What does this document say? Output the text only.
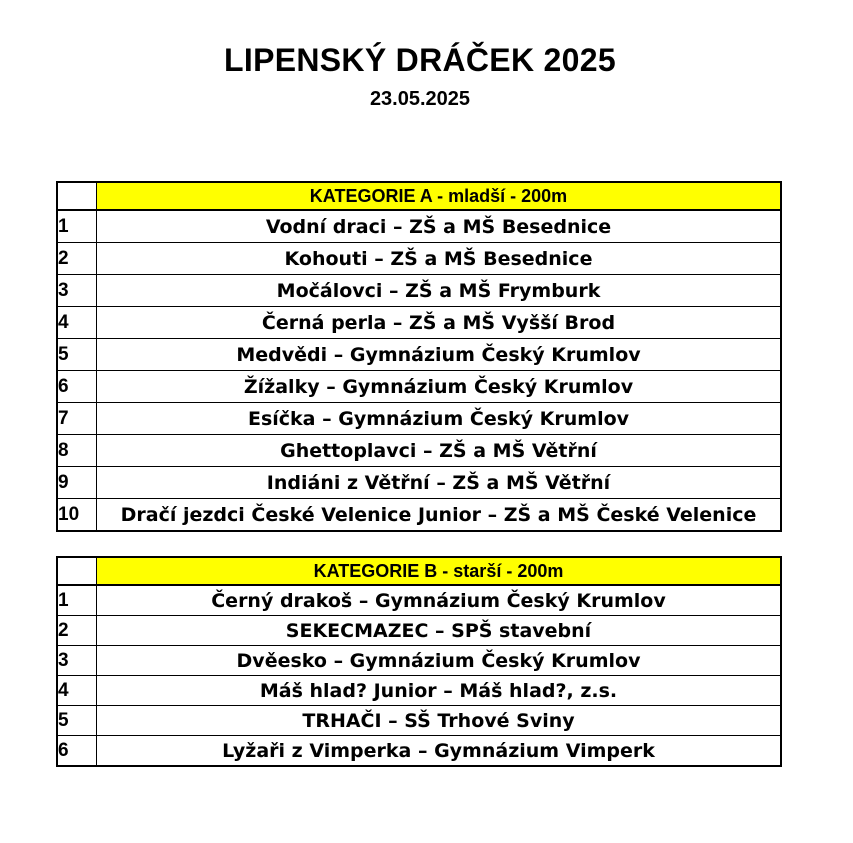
LIPENSKÝ DRÁČEK 2025
23.05.2025
	KATEGORIE A - mladší - 200m
1	Vodní draci – ZŠ a MŠ Besednice
2	Kohouti – ZŠ a MŠ Besednice
3	Močálovci – ZŠ a MŠ Frymburk
4	Černá perla – ZŠ a MŠ Vyšší Brod
5	Medvědi – Gymnázium Český Krumlov
6	Žížalky – Gymnázium Český Krumlov
7	Esíčka – Gymnázium Český Krumlov
8	Ghettoplavci – ZŠ a MŠ Větřní
9	Indiáni z Větřní – ZŠ a MŠ Větřní
10	Dračí jezdci České Velenice Junior – ZŠ a MŠ České Velenice
	KATEGORIE B - starší - 200m
1	Černý drakoš – Gymnázium Český Krumlov
2	SEKECMAZEC – SPŠ stavební
3	Dvěesko – Gymnázium Český Krumlov
4	Máš hlad? Junior – Máš hlad?, z.s.
5	TRHAČI – SŠ Trhové Sviny
6	Lyžaři z Vimperka – Gymnázium Vimperk
